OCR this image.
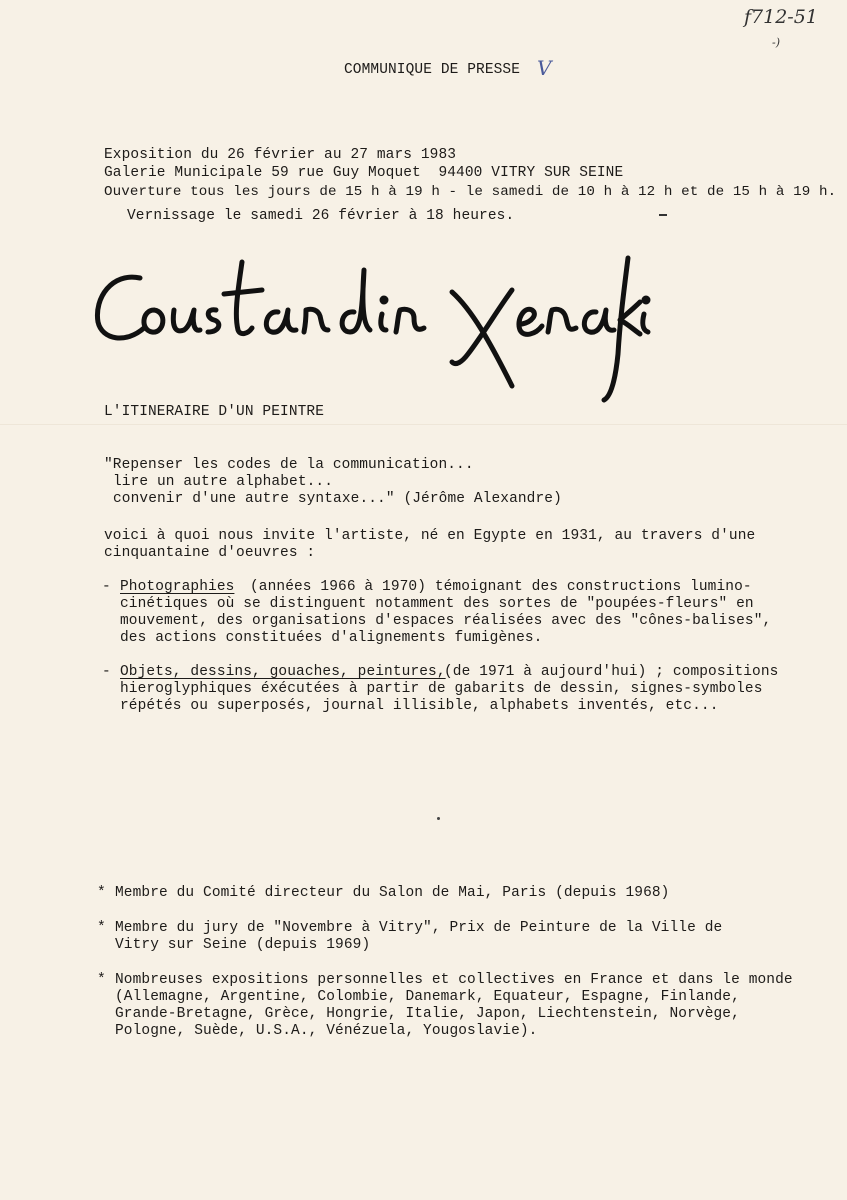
f712-51
-)
COMMUNIQUE DE PRESSE V
Exposition du 26 février au 27 mars 1983
Galerie Municipale 59 rue Guy Moquet  94400 VITRY SUR SEINE
Ouverture tous les jours de 15 h à 19 h - le samedi de 10 h à 12 h et de 15 h à 19 h.
Vernissage le samedi 26 février à 18 heures.
L'ITINERAIRE D'UN PEINTRE
"Repenser les codes de la communication...
lire un autre alphabet...
convenir d'une autre syntaxe..." (Jérôme Alexandre)
voici à quoi nous invite l'artiste, né en Egypte en 1931, au travers d'une
cinquantaine d'oeuvres :
- Photographies (années 1966 à 1970) témoignant des constructions lumino-
cinétiques où se distinguent notamment des sortes de "poupées-fleurs" en
mouvement, des organisations d'espaces réalisées avec des "cônes-balises",
des actions constituées d'alignements fumigènes.
- Objets, dessins, gouaches, peintures,
(de 1971 à aujourd'hui) ; compositions
hieroglyphiques éxécutées à partir de gabarits de dessin, signes-symboles
répétés ou superposés, journal illisible, alphabets inventés, etc...
* Membre du Comité directeur du Salon de Mai, Paris (depuis 1968)
* Membre du jury de "Novembre à Vitry", Prix de Peinture de la Ville de
Vitry sur Seine (depuis 1969)
* Nombreuses expositions personnelles et collectives en France et dans le monde
(Allemagne, Argentine, Colombie, Danemark, Equateur, Espagne, Finlande,
Grande-Bretagne, Grèce, Hongrie, Italie, Japon, Liechtenstein, Norvège,
Pologne, Suède, U.S.A., Vénézuela, Yougoslavie).
